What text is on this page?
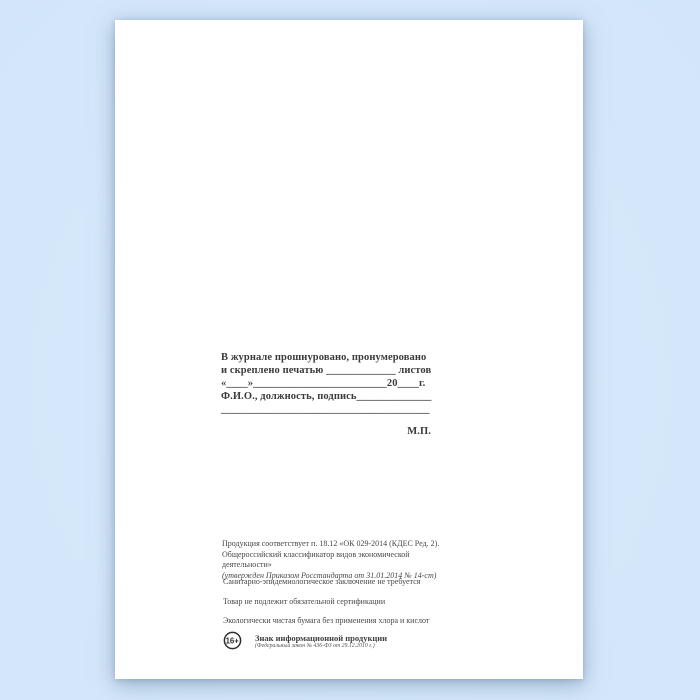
В журнале прошнуровано, пронумеровано
и скреплено печатью _____________ листов
«____»_________________________20____г.
Ф.И.О., должность, подпись______________
_______________________________________
М.П.
Продукция соответствует п. 18.12 «ОК 029-2014 (КДЕС Ред. 2).
Общероссийский классификатор видов экономической деятельности»
(утвержден Приказом Росстандарта от 31.01.2014 № 14-ст)
Санитарно-эпидемиологическое заключение не требуется
Товар не подлежит обязательной сертификации
Экологически чистая бумага без применения хлора и кислот
16+ Знак информационной продукции
(Федеральный закон № 436-ФЗ от 29.12.2010 г.)
